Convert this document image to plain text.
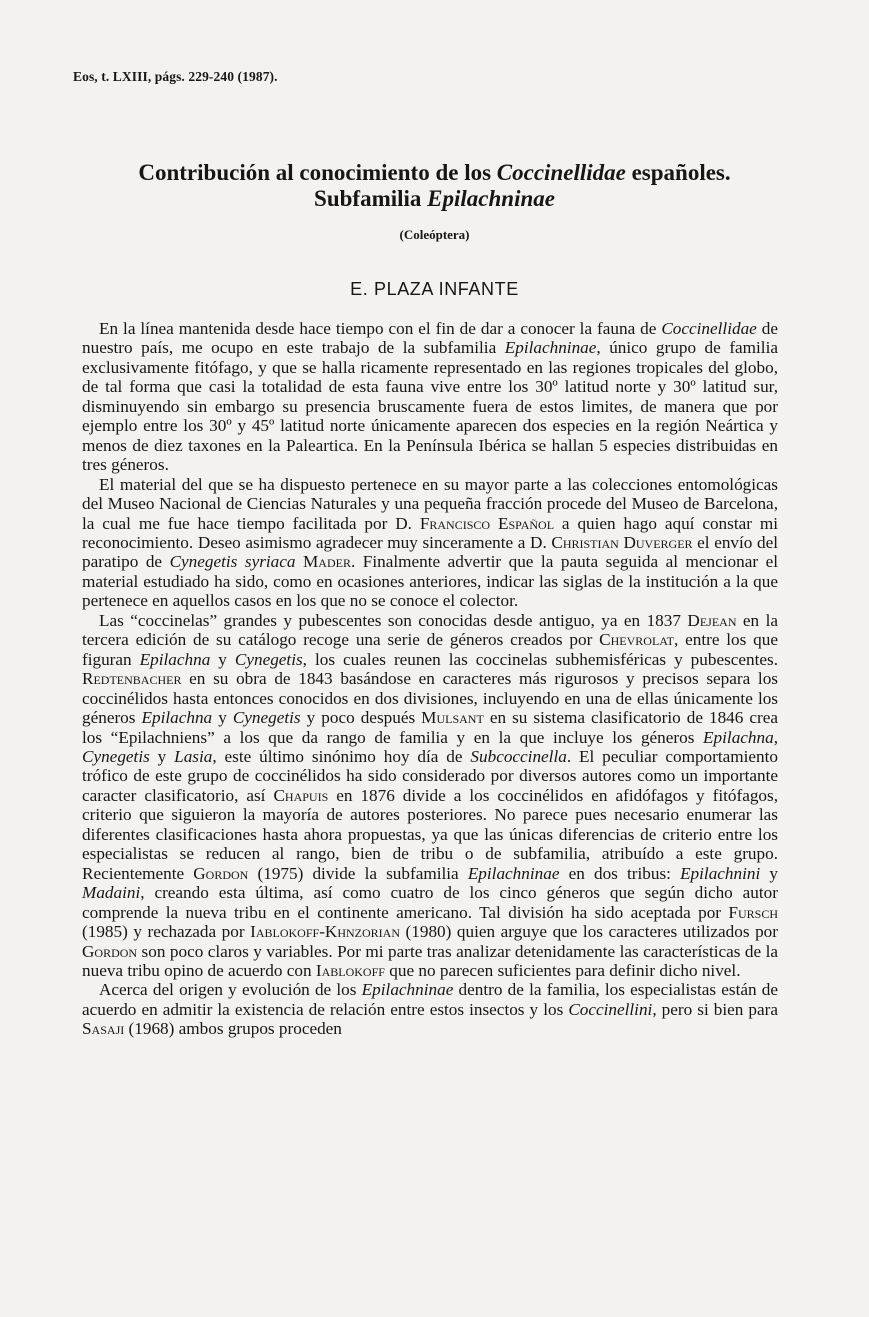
Eos, t. LXIII, págs. 229-240 (1987).
Contribución al conocimiento de los Coccinellidae españoles.
Subfamilia Epilachninae
(Coleóptera)
E. PLAZA INFANTE

En la línea mantenida desde hace tiempo con el fin de dar a conocer la fauna de Coccinellidae de nuestro país, me ocupo en este trabajo de la subfamilia Epilachninae, único grupo de familia exclusivamente fitófago, y que se halla ricamente representado en las regiones tropicales del globo, de tal forma que casi la totalidad de esta fauna vive entre los 30º latitud norte y 30º latitud sur, disminuyendo sin embargo su presencia bruscamente fuera de estos limites, de manera que por ejemplo entre los 30º y 45º latitud norte únicamente aparecen dos especies en la región Neártica y menos de diez taxones en la Paleartica. En la Península Ibérica se hallan 5 especies distribuidas en tres géneros.

El material del que se ha dispuesto pertenece en su mayor parte a las colecciones entomológicas del Museo Nacional de Ciencias Naturales y una pequeña fracción procede del Museo de Barcelona, la cual me fue hace tiempo facilitada por D. Francisco Español a quien hago aquí constar mi reconocimiento. Deseo asimismo agradecer muy sinceramente a D. Christian Duverger el envío del paratipo de Cynegetis syriaca Mader. Finalmente advertir que la pauta seguida al mencionar el material estudiado ha sido, como en ocasiones anteriores, indicar las siglas de la institución a la que pertenece en aquellos casos en los que no se conoce el colector.

Las “coccinelas” grandes y pubescentes son conocidas desde antiguo, ya en 1837 Dejean en la tercera edición de su catálogo recoge una serie de géneros creados por Chevrolat, entre los que figuran Epilachna y Cynegetis, los cuales reunen las coccinelas subhemisféricas y pubescentes. Redtenbacher en su obra de 1843 basándose en caracteres más rigurosos y precisos separa los coccinélidos hasta entonces conocidos en dos divisiones, incluyendo en una de ellas únicamente los géneros Epilachna y Cynegetis y poco después Mulsant en su sistema clasificatorio de 1846 crea los “Epilachniens” a los que da rango de familia y en la que incluye los géneros Epilachna, Cynegetis y Lasia, este último sinónimo hoy día de Subcoccinella. El peculiar comportamiento trófico de este grupo de coccinélidos ha sido considerado por diversos autores como un importante caracter clasificatorio, así Chapuis en 1876 divide a los coccinélidos en afidófagos y fitófagos, criterio que siguieron la mayoría de autores posteriores. No parece pues necesario enumerar las diferentes clasificaciones hasta ahora propuestas, ya que las únicas diferencias de criterio entre los especialistas se reducen al rango, bien de tribu o de subfamilia, atribuído a este grupo. Recientemente Gordon (1975) divide la subfamilia Epilachninae en dos tribus: Epilachnini y Madaini, creando esta última, así como cuatro de los cinco géneros que según dicho autor comprende la nueva tribu en el continente americano. Tal división ha sido aceptada por Fursch (1985) y rechazada por Iablokoff-Khnzorian (1980) quien arguye que los caracteres utilizados por Gordon son poco claros y variables. Por mi parte tras analizar detenidamente las características de la nueva tribu opino de acuerdo con Iablokoff que no parecen suficientes para definir dicho nivel.

Acerca del origen y evolución de los Epilachninae dentro de la familia, los especialistas están de acuerdo en admitir la existencia de relación entre estos insectos y los Coccinellini, pero si bien para Sasaji (1968) ambos grupos proceden
